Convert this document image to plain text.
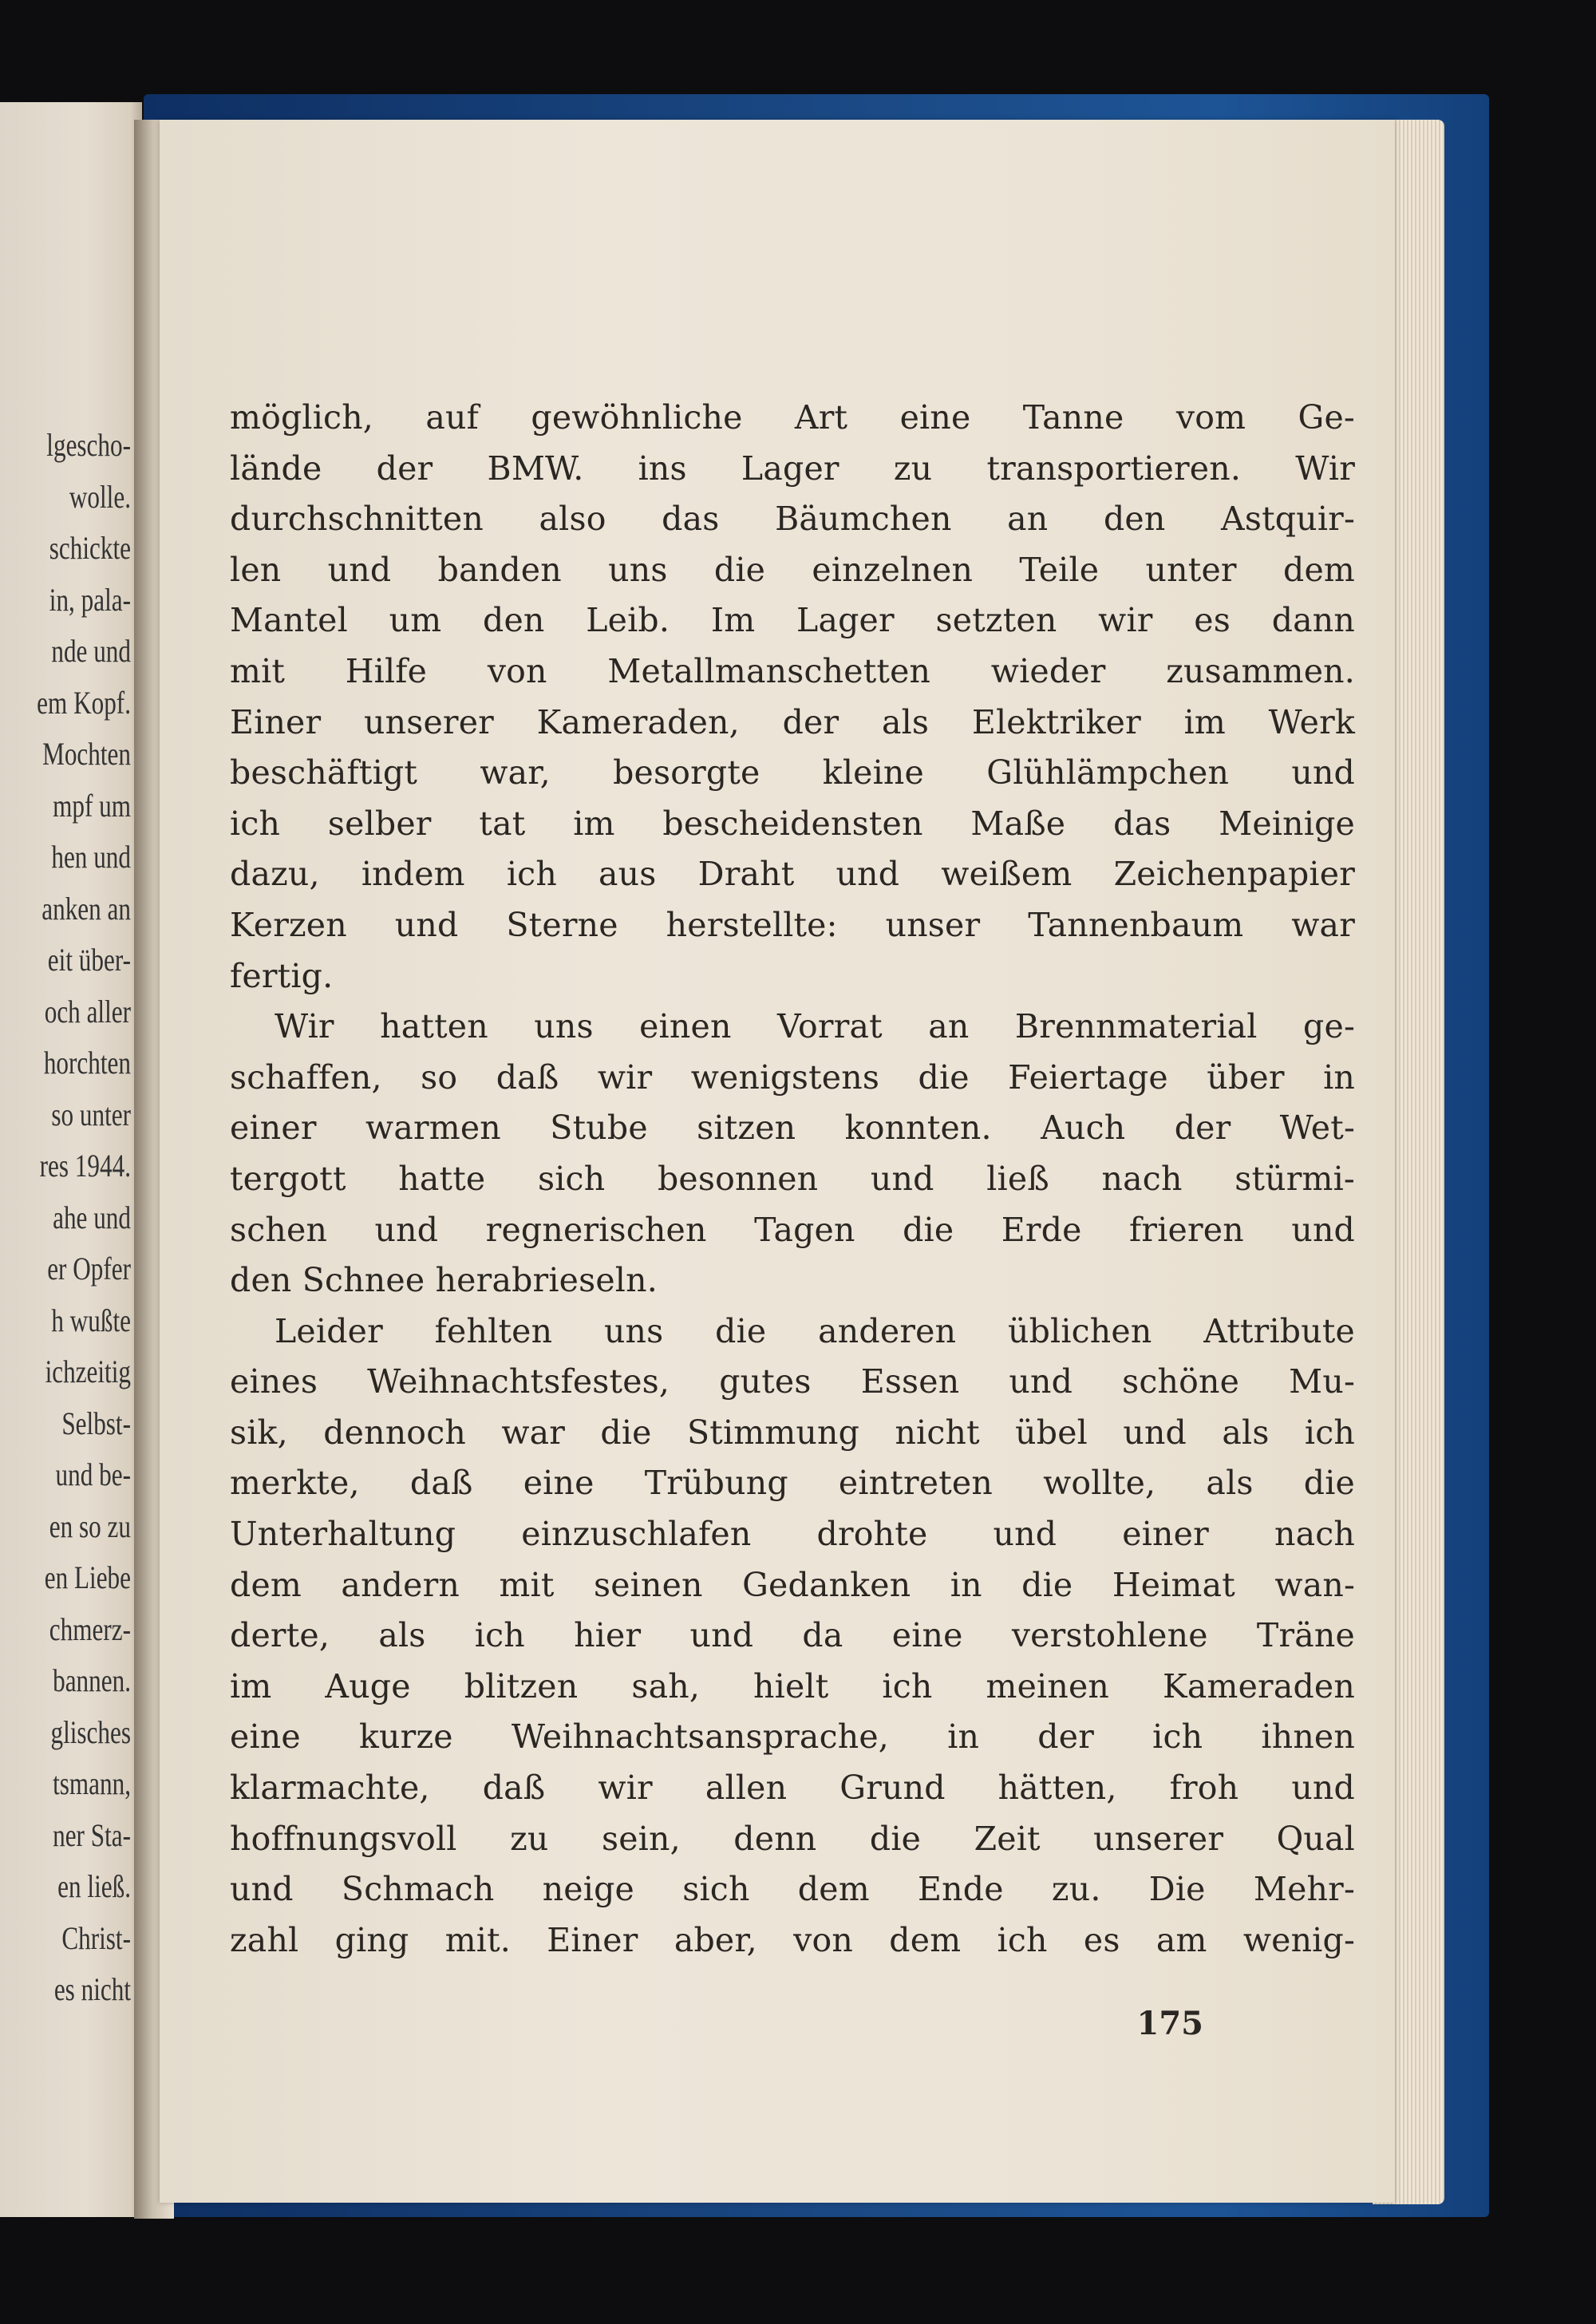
lgescho-
wolle.
schickte
in, pala-
nde und
em Kopf.
Mochten
mpf um
hen und
anken an
eit über-
och aller
horchten
so unter
res 1944.
ahe und
er Opfer
h wußte
ichzeitig
Selbst-
und be-
en so zu
en Liebe
chmerz-
bannen.
glisches
tsmann,
ner Sta-
en ließ.
Christ-
es nicht
möglich, auf gewöhnliche Art eine Tanne vom Ge-
lände der BMW. ins Lager zu transportieren. Wir
durchschnitten also das Bäumchen an den Astquir-
len und banden uns die einzelnen Teile unter dem
Mantel um den Leib. Im Lager setzten wir es dann
mit Hilfe von Metallmanschetten wieder zusammen.
Einer unserer Kameraden, der als Elektriker im Werk
beschäftigt war, besorgte kleine Glühlämpchen und
ich selber tat im bescheidensten Maße das Meinige
dazu, indem ich aus Draht und weißem Zeichenpapier
Kerzen und Sterne herstellte: unser Tannenbaum war
fertig.
Wir hatten uns einen Vorrat an Brennmaterial ge-
schaffen, so daß wir wenigstens die Feiertage über in
einer warmen Stube sitzen konnten. Auch der Wet-
tergott hatte sich besonnen und ließ nach stürmi-
schen und regnerischen Tagen die Erde frieren und
den Schnee herabrieseln.
Leider fehlten uns die anderen üblichen Attribute
eines Weihnachtsfestes, gutes Essen und schöne Mu-
sik, dennoch war die Stimmung nicht übel und als ich
merkte, daß eine Trübung eintreten wollte, als die
Unterhaltung einzuschlafen drohte und einer nach
dem andern mit seinen Gedanken in die Heimat wan-
derte, als ich hier und da eine verstohlene Träne
im Auge blitzen sah, hielt ich meinen Kameraden
eine kurze Weihnachtsansprache, in der ich ihnen
klarmachte, daß wir allen Grund hätten, froh und
hoffnungsvoll zu sein, denn die Zeit unserer Qual
und Schmach neige sich dem Ende zu. Die Mehr-
zahl ging mit. Einer aber, von dem ich es am wenig-
175
